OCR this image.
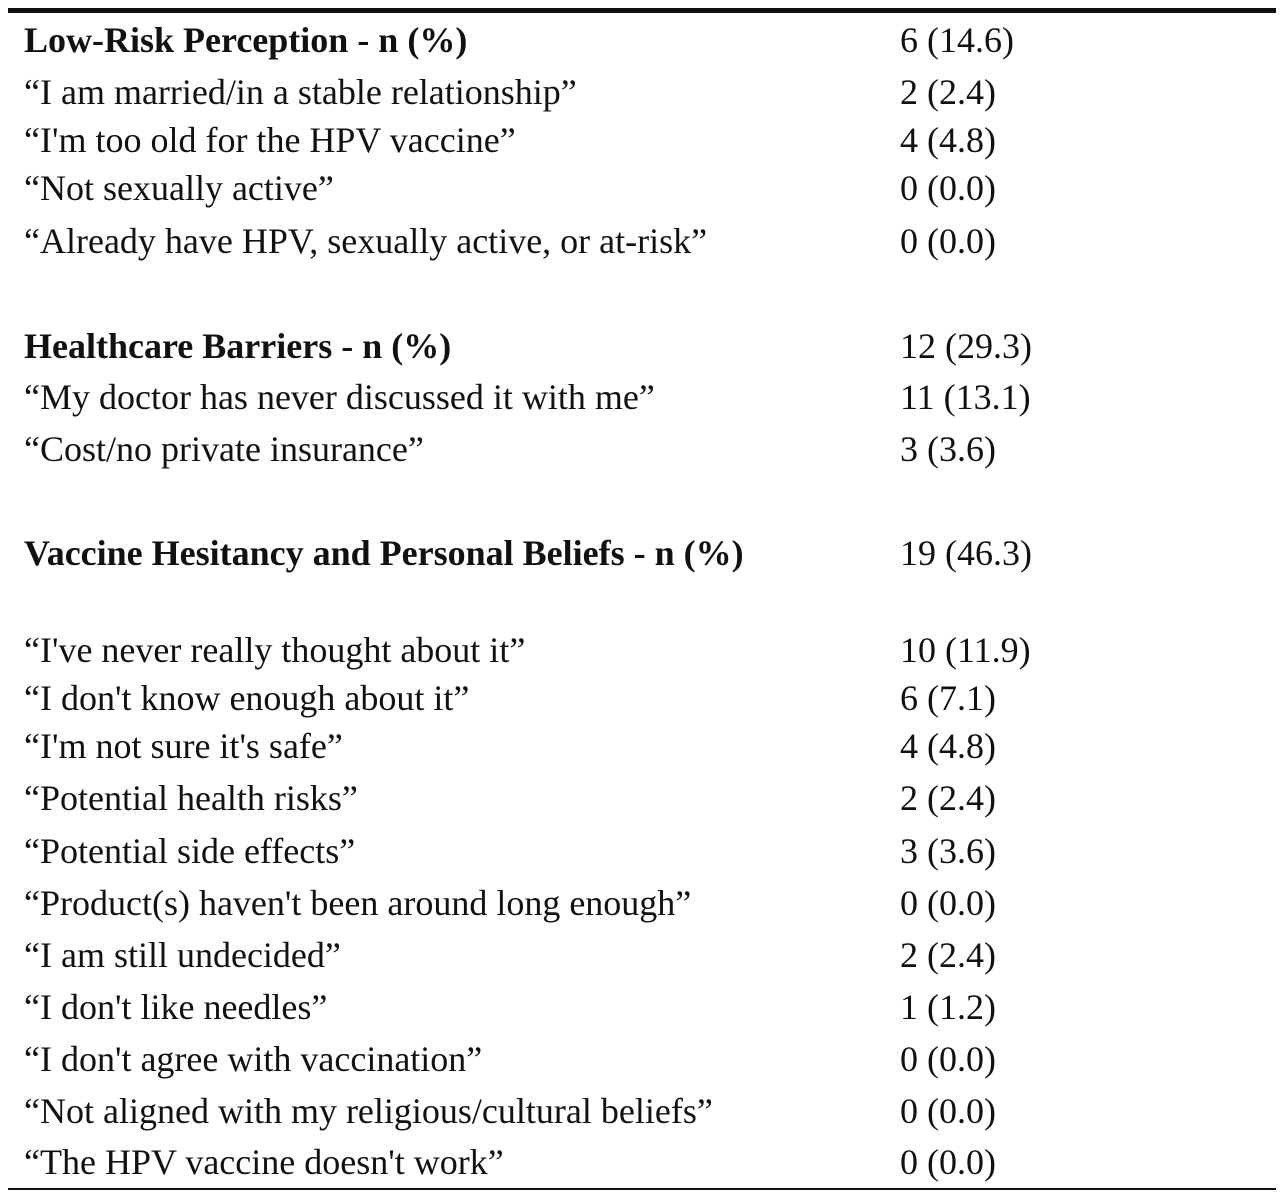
Low-Risk Perception - n (%)	6 (14.6)
“I am married/in a stable relationship”	2 (2.4)
“I'm too old for the HPV vaccine”	4 (4.8)
“Not sexually active”	0 (0.0)
“Already have HPV, sexually active, or at-risk”	0 (0.0)
Healthcare Barriers - n (%)	12 (29.3)
“My doctor has never discussed it with me”	11 (13.1)
“Cost/no private insurance”	3 (3.6)
Vaccine Hesitancy and Personal Beliefs - n (%)	19 (46.3)
“I've never really thought about it”	10 (11.9)
“I don't know enough about it”	6 (7.1)
“I'm not sure it's safe”	4 (4.8)
“Potential health risks”	2 (2.4)
“Potential side effects”	3 (3.6)
“Product(s) haven't been around long enough”	0 (0.0)
“I am still undecided”	2 (2.4)
“I don't like needles”	1 (1.2)
“I don't agree with vaccination”	0 (0.0)
“Not aligned with my religious/cultural beliefs”	0 (0.0)
“The HPV vaccine doesn't work”	0 (0.0)
